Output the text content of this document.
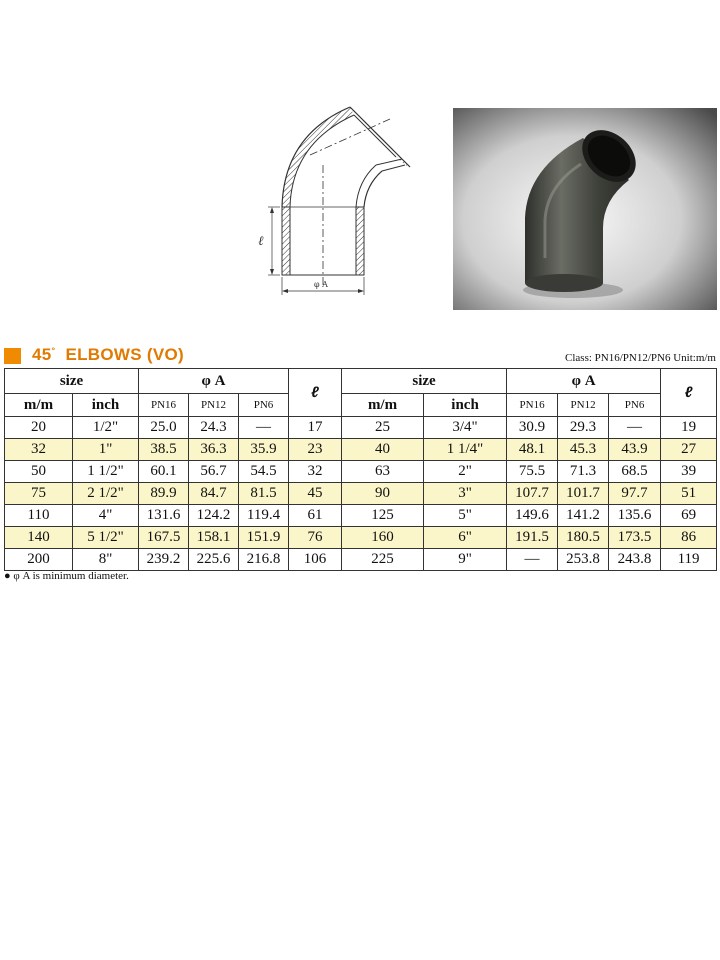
ℓ
φ A
45° ELBOWS (VO)	Class: PN16/PN12/PN6 Unit:m/m
size		φ A			ℓ	size		φ A			ℓ
m/m	inch	PN16	PN12	PN6		m/m	inch	PN16	PN12	PN6	
20	1/2"	25.0	24.3	—	17	25	3/4"	30.9	29.3	—	19
32	1"	38.5	36.3	35.9	23	40	1 1/4"	48.1	45.3	43.9	27
50	1 1/2"	60.1	56.7	54.5	32	63	2"	75.5	71.3	68.5	39
75	2 1/2"	89.9	84.7	81.5	45	90	3"	107.7	101.7	97.7	51
110	4"	131.6	124.2	119.4	61	125	5"	149.6	141.2	135.6	69
140	5 1/2"	167.5	158.1	151.9	76	160	6"	191.5	180.5	173.5	86
200	8"	239.2	225.6	216.8	106	225	9"	—	253.8	243.8	119
● φ A is minimum diameter.
